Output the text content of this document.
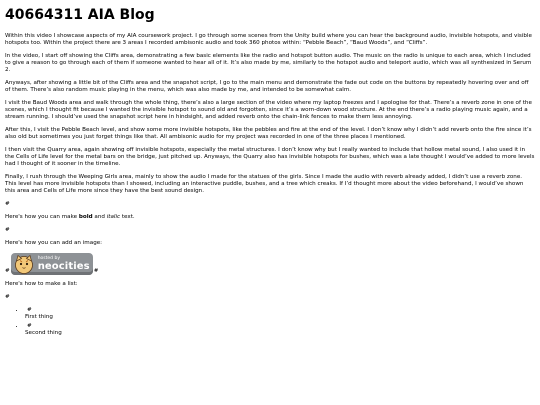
40664311 AIA Blog

Within this video I showcase aspects of my AIA coursework project. I go through some scenes from the Unity build where you can hear the background audio, invisible hotspots, and visible hotspots too. Within the project there are 3 areas I recorded ambisonic audio and took 360 photos within: “Pebble Beach”, “Baud Woods”, and “Cliffs”.

In the video, I start off showing the Cliffs area, demonstrating a few basic elements like the radio and hotspot button audio. The music on the radio is unique to each area, which I included to give a reason to go through each of them if someone wanted to hear all of it. It’s also made by me, similarly to the hotspot audio and teleport audio, which was all synthesized in Serum 2.

Anyways, after showing a little bit of the Cliffs area and the snapshot script, I go to the main menu and demonstrate the fade out code on the buttons by repeatedly hovering over and off of them. There’s also random music playing in the menu, which was also made by me, and intended to be somewhat calm.

I visit the Baud Woods area and walk through the whole thing, there’s also a large section of the video where my laptop freezes and I apologise for that. There’s a reverb zone in one of the scenes, which I thought fit because I wanted the invisible hotspot to sound old and forgotten, since it’s a worn-down wood structure. At the end there’s a radio playing music again, and a stream running. I should’ve used the snapshot script here in hindsight, and added reverb onto the chain-link fences to make them less annoying.

After this, I visit the Pebble Beach level, and show some more invisible hotspots, like the pebbles and fire at the end of the level. I don’t know why I didn’t add reverb onto the fire since it’s also old but sometimes you just forget things like that. All ambisonic audio for my project was recorded in one of the three places I mentioned.

I then visit the Quarry area, again showing off invisible hotspots, especially the metal structures. I don’t know why but I really wanted to include that hollow metal sound, I also used it in the Cells of Life level for the metal bars on the bridge, just pitched up. Anyways, the Quarry also has invisible hotspots for bushes, which was a late thought I would’ve added to more levels had I thought of it sooner in the timeline.

Finally, I rush through the Weeping Girls area, mainly to show the audio I made for the statues of the girls. Since I made the audio with reverb already added, I didn’t use a reverb zone. This level has more invisible hotspots than I showed, including an interactive puddle, bushes, and a tree which creaks. If I’d thought more about the video beforehand, I would’ve shown this area and Cells of Life more since they have the best sound design.

#

Here's how you can make bold and italic text.

#

Here's how you can add an image:

#
hosted by
neocities #

Here's how to make a list:

#
• #
First thing
• #
Second thing
